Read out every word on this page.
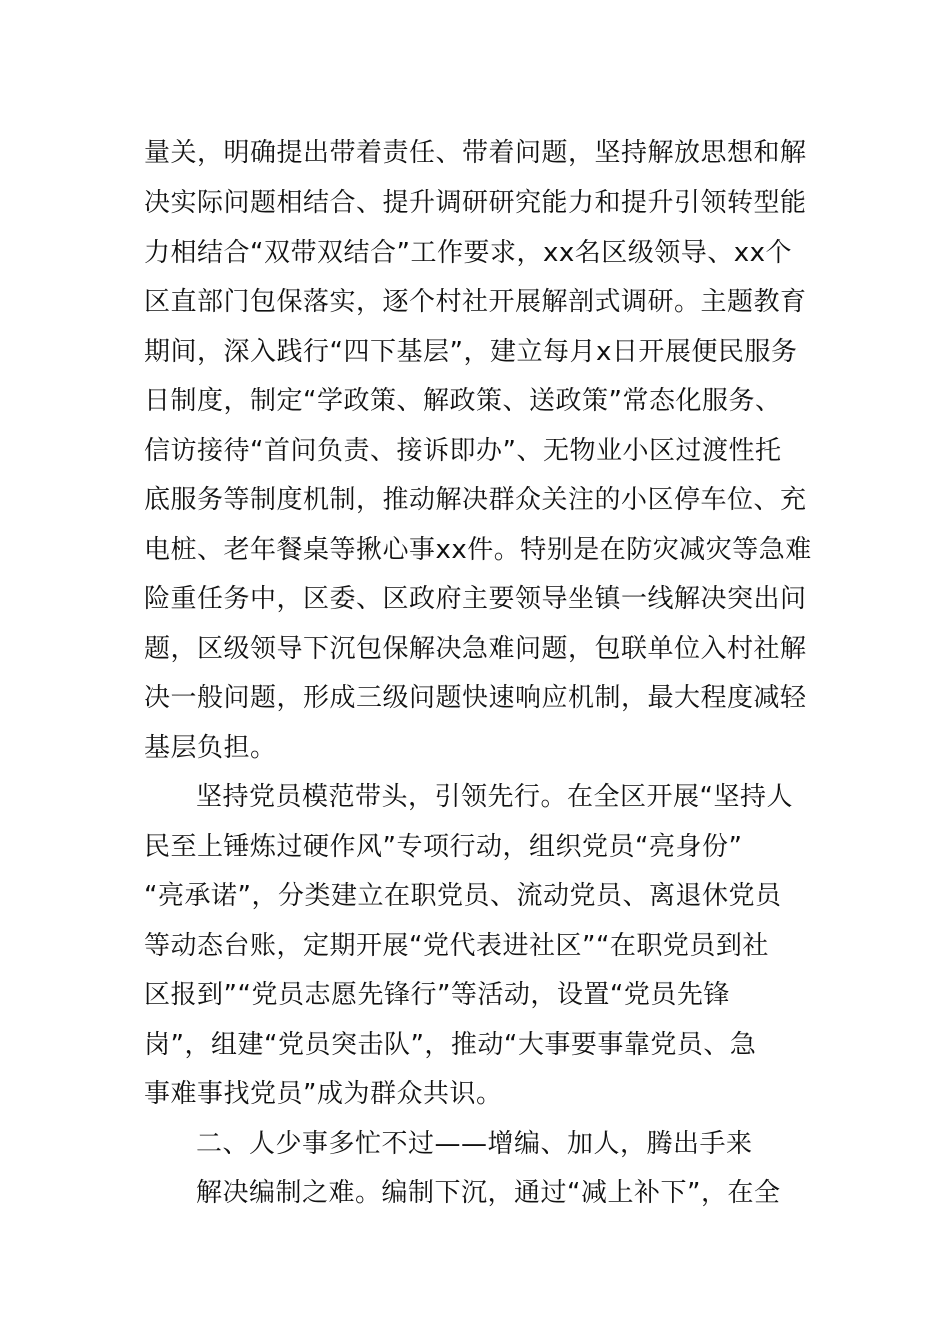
量关，明确提出带着责任、带着问题，坚持解放思想和解
决实际问题相结合、提升调研研究能力和提升引领转型能
力相结合“双带双结合”工作要求，xx名区级领导、xx个
区直部门包保落实，逐个村社开展解剖式调研。主题教育
期间，深入践行“四下基层”，建立每月x日开展便民服务
日制度，制定“学政策、解政策、送政策”常态化服务、
信访接待“首问负责、接诉即办”、无物业小区过渡性托
底服务等制度机制，推动解决群众关注的小区停车位、充
电桩、老年餐桌等揪心事xx件。特别是在防灾减灾等急难
险重任务中，区委、区政府主要领导坐镇一线解决突出问
题，区级领导下沉包保解决急难问题，包联单位入村社解
决一般问题，形成三级问题快速响应机制，最大程度减轻
基层负担。
坚持党员模范带头，引领先行。在全区开展“坚持人
民至上锤炼过硬作风”专项行动，组织党员“亮身份”
“亮承诺”，分类建立在职党员、流动党员、离退休党员
等动态台账，定期开展“党代表进社区”“在职党员到社
区报到”“党员志愿先锋行”等活动，设置“党员先锋
岗”，组建“党员突击队”，推动“大事要事靠党员、急
事难事找党员”成为群众共识。
二、人少事多忙不过——增编、加人，腾出手来
解决编制之难。编制下沉，通过“减上补下”，在全
